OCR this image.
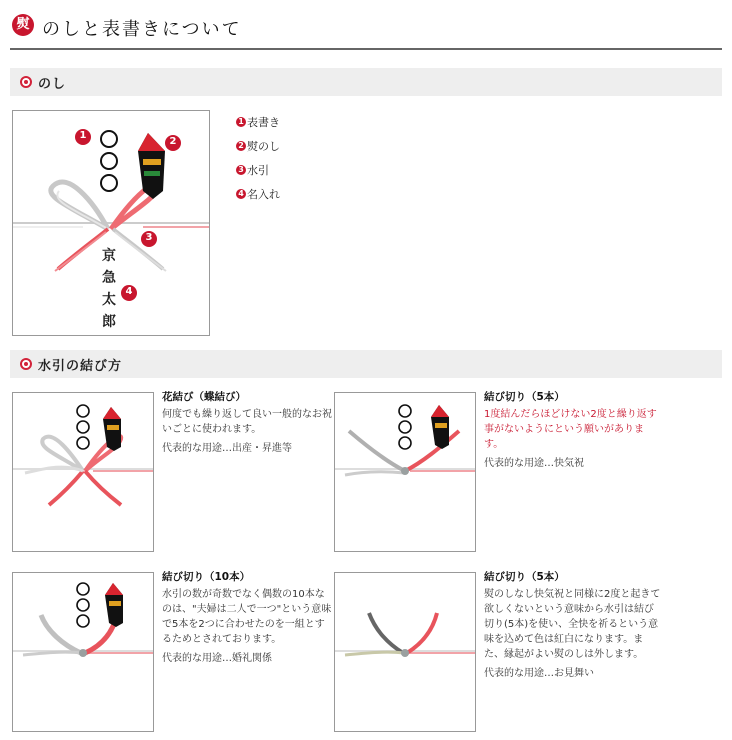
熨 のしと表書きについて
のし
1
2
3
4
京
急
太
郎
1 表書き
2 熨のし
3 水引
4 名入れ
水引の結び方
花結び（蝶結び）

何度でも繰り返して良い一般的なお祝いごとに使われます。

代表的な用途…出産・昇進等

結び切り（5本）

1度結んだらほどけない2度と繰り返す事がないようにという願いがあります。

代表的な用途…快気祝

結び切り（10本）

水引の数が奇数でなく偶数の10本なのは、"夫婦は二人で一つ"という意味で5本を2つに合わせたのを一組とするためとされております。

代表的な用途…婚礼関係

結び切り（5本）

熨のしなし快気祝と同様に2度と起きて欲しくないという意味から水引は結び切り(5本)を使い、全快を祈るという意味を込めて色は紅白になります。また、縁起がよい熨のしは外します。

代表的な用途…お見舞い
